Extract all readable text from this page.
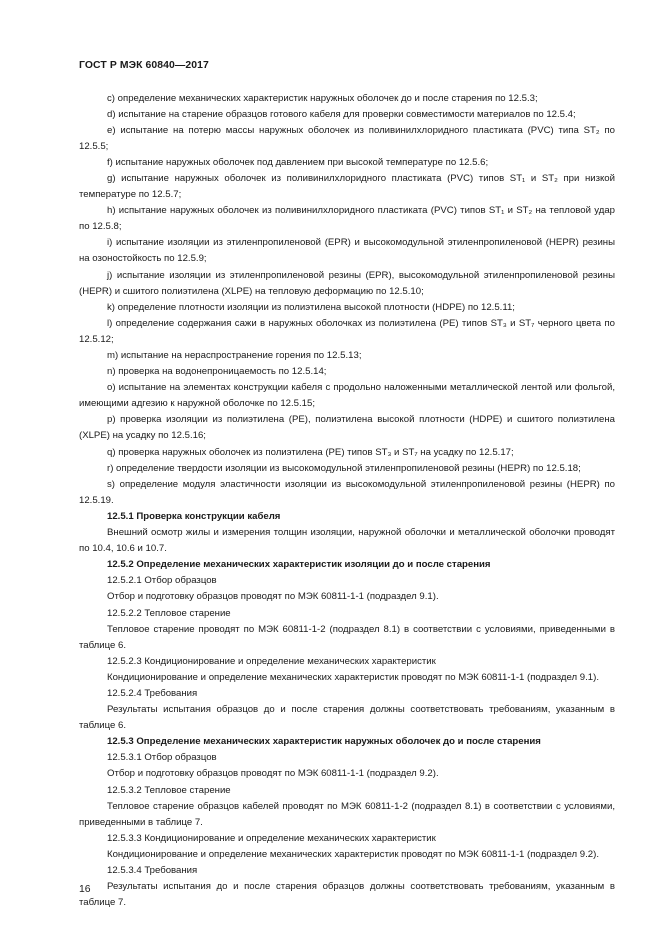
ГОСТ Р МЭК 60840—2017

c) определение механических характеристик наружных оболочек до и после старения по 12.5.3;

d) испытание на старение образцов готового кабеля для проверки совместимости материалов по 12.5.4;

e) испытание на потерю массы наружных оболочек из поливинилхлоридного пластиката (PVC) типа ST₂ по 12.5.5;

f) испытание наружных оболочек под давлением при высокой температуре по 12.5.6;

g) испытание наружных оболочек из поливинилхлоридного пластиката (PVC) типов ST₁ и ST₂ при низкой температуре по 12.5.7;

h) испытание наружных оболочек из поливинилхлоридного пластиката (PVC) типов ST₁ и ST₂ на тепловой удар по 12.5.8;

i) испытание изоляции из этиленпропиленовой (EPR) и высокомодульной этиленпропиленовой (HEPR) резины на озоностойкость по 12.5.9;

j) испытание изоляции из этиленпропиленовой резины (EPR), высокомодульной этиленпропиленовой резины (HEPR) и сшитого полиэтилена (XLPE) на тепловую деформацию по 12.5.10;

k) определение плотности изоляции из полиэтилена высокой плотности (HDPE) по 12.5.11;

l) определение содержания сажи в наружных оболочках из полиэтилена (PE) типов ST₃ и ST₇ черного цвета по 12.5.12;

m) испытание на нераспространение горения по 12.5.13;

n) проверка на водонепроницаемость по 12.5.14;

o) испытание на элементах конструкции кабеля с продольно наложенными металлической лентой или фольгой, имеющими адгезию к наружной оболочке по 12.5.15;

p) проверка изоляции из полиэтилена (PE), полиэтилена высокой плотности (HDPE) и сшитого полиэтилена (XLPE) на усадку по 12.5.16;

q) проверка наружных оболочек из полиэтилена (PE) типов ST₃ и ST₇ на усадку по 12.5.17;

r) определение твердости изоляции из высокомодульной этиленпропиленовой резины (HEPR) по 12.5.18;

s) определение модуля эластичности изоляции из высокомодульной этиленпропиленовой резины (HEPR) по 12.5.19.

12.5.1 Проверка конструкции кабеля

Внешний осмотр жилы и измерения толщин изоляции, наружной оболочки и металлической оболочки проводят по 10.4, 10.6 и 10.7.

12.5.2 Определение механических характеристик изоляции до и после старения

12.5.2.1 Отбор образцов

Отбор и подготовку образцов проводят по МЭК 60811-1-1 (подраздел 9.1).

12.5.2.2 Тепловое старение

Тепловое старение проводят по МЭК 60811-1-2 (подраздел 8.1) в соответствии с условиями, приведенными в таблице 6.

12.5.2.3 Кондиционирование и определение механических характеристик

Кондиционирование и определение механических характеристик проводят по МЭК 60811-1-1 (подраздел 9.1).

12.5.2.4 Требования

Результаты испытания образцов до и после старения должны соответствовать требованиям, указанным в таблице 6.

12.5.3 Определение механических характеристик наружных оболочек до и после старения

12.5.3.1 Отбор образцов

Отбор и подготовку образцов проводят по МЭК 60811-1-1 (подраздел 9.2).

12.5.3.2 Тепловое старение

Тепловое старение образцов кабелей проводят по МЭК 60811-1-2 (подраздел 8.1) в соответствии с условиями, приведенными в таблице 7.

12.5.3.3 Кондиционирование и определение механических характеристик

Кондиционирование и определение механических характеристик проводят по МЭК 60811-1-1 (подраздел 9.2).

12.5.3.4 Требования

Результаты испытания до и после старения образцов должны соответствовать требованиям, указанным в таблице 7.

16
